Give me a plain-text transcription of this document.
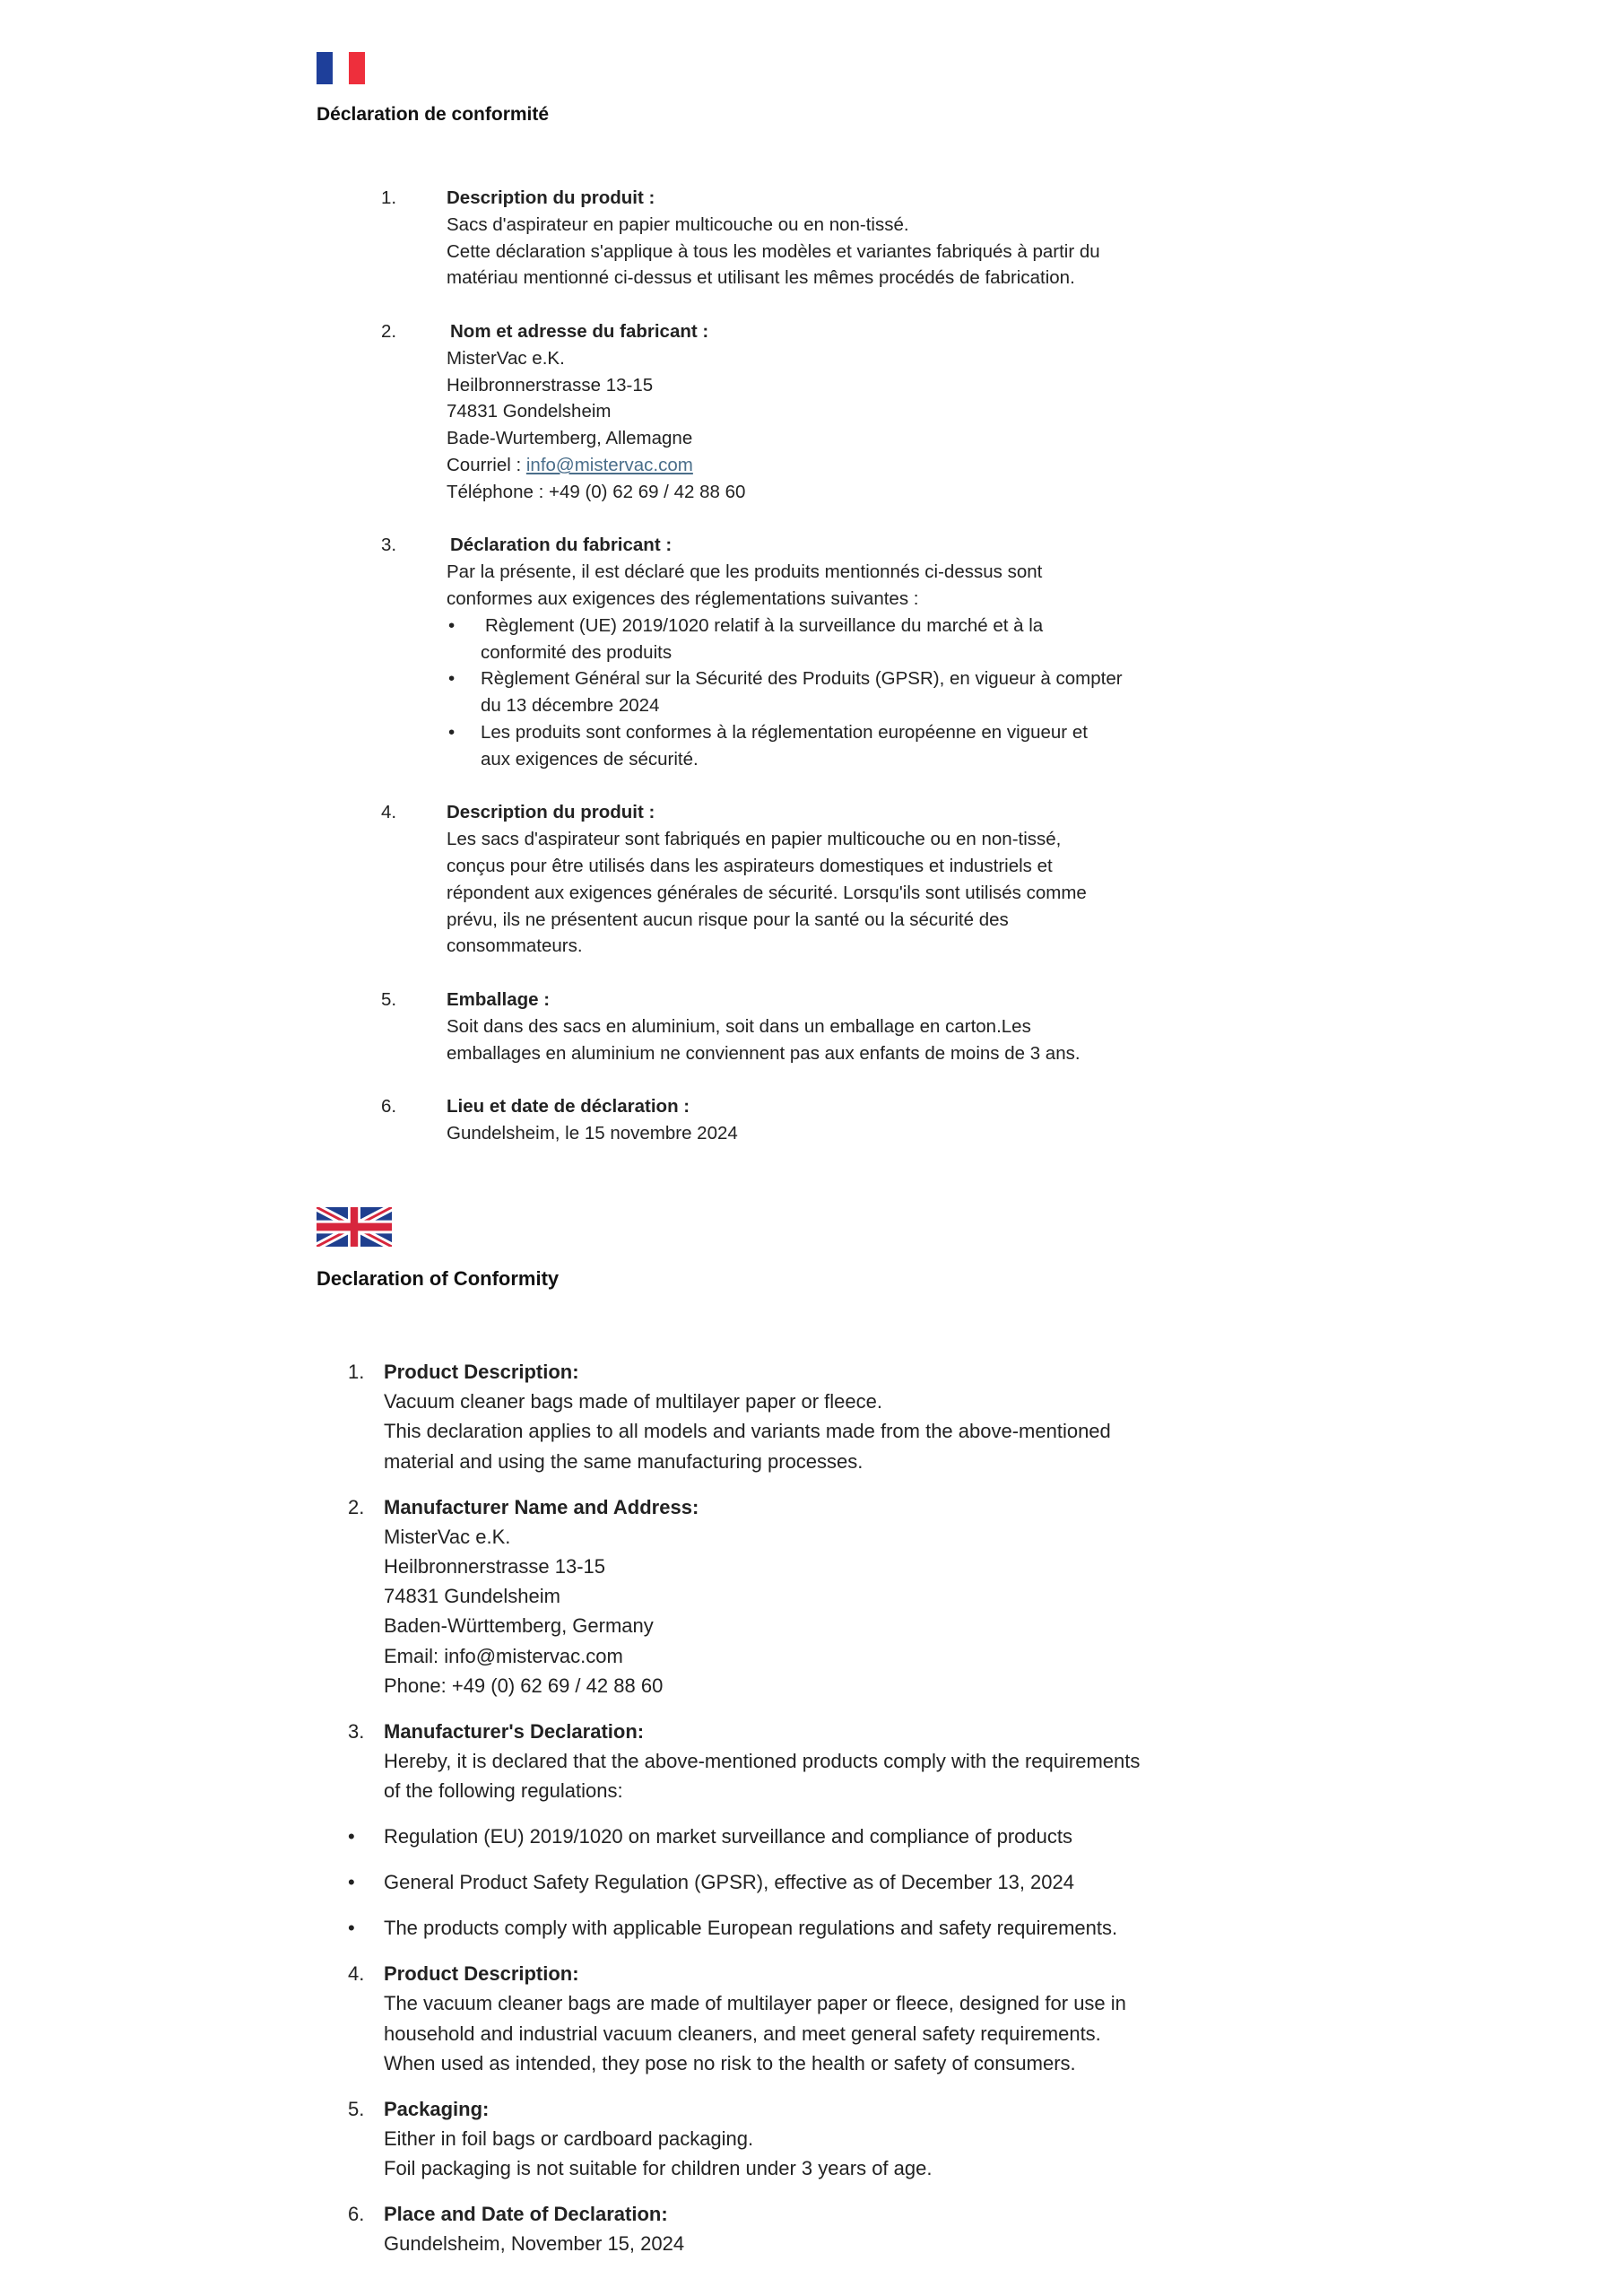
Déclaration de conformité
1.	Description du produit :
Sacs d'aspirateur en papier multicouche ou en non-tissé.
Cette déclaration s'applique à tous les modèles et variantes fabriqués à partir du
matériau mentionné ci-dessus et utilisant les mêmes procédés de fabrication.
2.	Nom et adresse du fabricant :
MisterVac e.K.
Heilbronnerstrasse 13-15
74831 Gondelsheim
Bade-Wurtemberg, Allemagne
Courriel : info@mistervac.com
Téléphone : +49 (0) 62 69 / 42 88 60
3.	Déclaration du fabricant :
Par la présente, il est déclaré que les produits mentionnés ci-dessus sont
conformes aux exigences des réglementations suivantes :
• Règlement (UE) 2019/1020 relatif à la surveillance du marché et à la
conformité des produits
• Règlement Général sur la Sécurité des Produits (GPSR), en vigueur à compter
du 13 décembre 2024
• Les produits sont conformes à la réglementation européenne en vigueur et
aux exigences de sécurité.
4.	Description du produit :
Les sacs d'aspirateur sont fabriqués en papier multicouche ou en non-tissé,
conçus pour être utilisés dans les aspirateurs domestiques et industriels et
répondent aux exigences générales de sécurité. Lorsqu'ils sont utilisés comme
prévu, ils ne présentent aucun risque pour la santé ou la sécurité des
consommateurs.
5.	Emballage :
Soit dans des sacs en aluminium, soit dans un emballage en carton.Les
emballages en aluminium ne conviennent pas aux enfants de moins de 3 ans.
6.	Lieu et date de déclaration :
Gundelsheim, le 15 novembre 2024
Declaration of Conformity
1. Product Description:
Vacuum cleaner bags made of multilayer paper or fleece.
This declaration applies to all models and variants made from the above-mentioned
material and using the same manufacturing processes.
2. Manufacturer Name and Address:
MisterVac e.K.
Heilbronnerstrasse 13-15
74831 Gundelsheim
Baden-Württemberg, Germany
Email: info@mistervac.com
Phone: +49 (0) 62 69 / 42 88 60
3. Manufacturer's Declaration:
Hereby, it is declared that the above-mentioned products comply with the requirements
of the following regulations:
• Regulation (EU) 2019/1020 on market surveillance and compliance of products
• General Product Safety Regulation (GPSR), effective as of December 13, 2024
• The products comply with applicable European regulations and safety requirements.
4. Product Description:
The vacuum cleaner bags are made of multilayer paper or fleece, designed for use in
household and industrial vacuum cleaners, and meet general safety requirements.
When used as intended, they pose no risk to the health or safety of consumers.
5. Packaging:
Either in foil bags or cardboard packaging.
Foil packaging is not suitable for children under 3 years of age.
6. Place and Date of Declaration:
Gundelsheim, November 15, 2024
